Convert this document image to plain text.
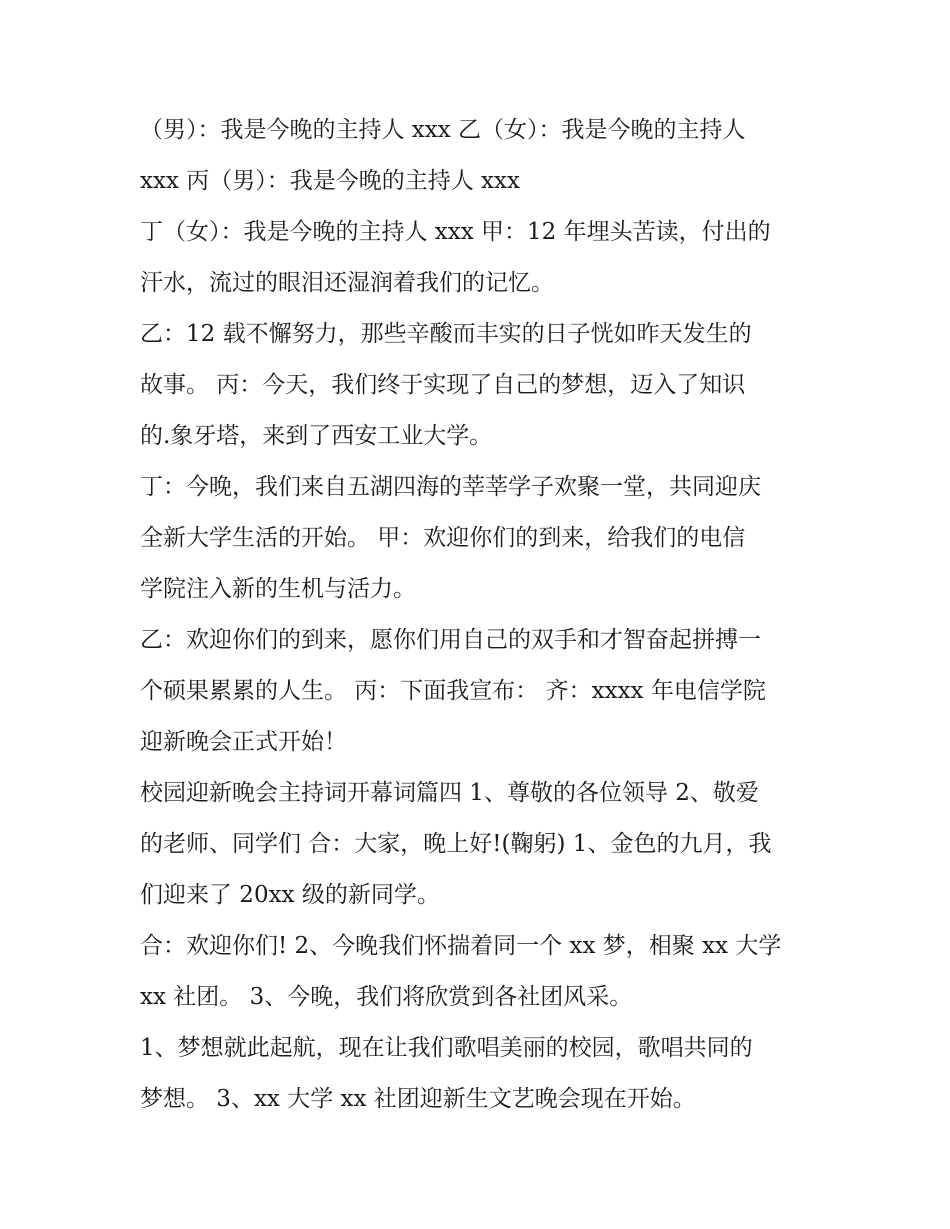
（男）：我是今晚的主持人 xxx 乙（女）：我是今晚的主持人
xxx 丙（男）：我是今晚的主持人 xxx
丁（女）：我是今晚的主持人 xxx 甲：12 年埋头苦读，付出的
汗水，流过的眼泪还湿润着我们的记忆。
乙：12 载不懈努力，那些辛酸而丰实的日子恍如昨天发生的
故事。 丙：今天，我们终于实现了自己的梦想，迈入了知识
的.象牙塔，来到了西安工业大学。
丁：今晚，我们来自五湖四海的莘莘学子欢聚一堂，共同迎庆
全新大学生活的开始。 甲：欢迎你们的到来，给我们的电信
学院注入新的生机与活力。
乙：欢迎你们的到来，愿你们用自己的双手和才智奋起拼搏一
个硕果累累的人生。 丙：下面我宣布： 齐：xxxx 年电信学院
迎新晚会正式开始！
校园迎新晚会主持词开幕词篇四 1、尊敬的各位领导 2、敬爱
的老师、同学们 合：大家，晚上好!(鞠躬) 1、金色的九月，我
们迎来了 20xx 级的新同学。
合：欢迎你们! 2、今晚我们怀揣着同一个 xx 梦，相聚 xx 大学
xx 社团。 3、今晚，我们将欣赏到各社团风采。
1、梦想就此起航，现在让我们歌唱美丽的校园，歌唱共同的
梦想。 3、xx 大学 xx 社团迎新生文艺晚会现在开始。
